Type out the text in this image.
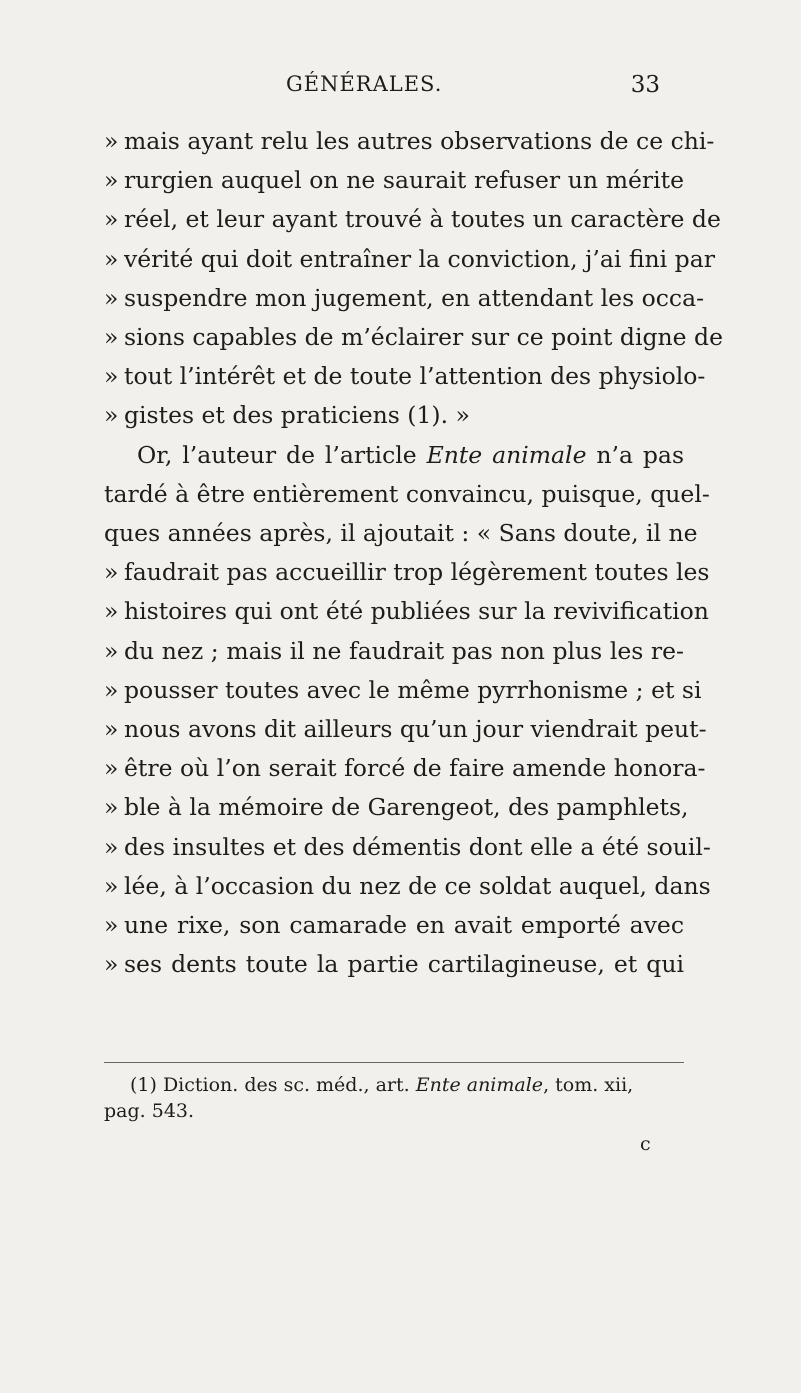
GÉNÉRALES.	33
» mais ayant relu les autres observations de ce chi-
» rurgien auquel on ne saurait refuser un mérite
» réel, et leur ayant trouvé à toutes un caractère de
» vérité qui doit entraîner la conviction, j’ai fini par
» suspendre mon jugement, en attendant les occa-
» sions capables de m’éclairer sur ce point digne de
» tout l’intérêt et de toute l’attention des physiolo-
» gistes et des praticiens (1). »
Or, l’auteur de l’article Ente animale n’a pas
tardé à être entièrement convaincu, puisque, quel-
ques années après, il ajoutait : « Sans doute, il ne
» faudrait pas accueillir trop légèrement toutes les
» histoires qui ont été publiées sur la revivification
» du nez ; mais il ne faudrait pas non plus les re-
» pousser toutes avec le même pyrrhonisme ; et si
» nous avons dit ailleurs qu’un jour viendrait peut-
» être où l’on serait forcé de faire amende honora-
» ble à la mémoire de Garengeot, des pamphlets,
» des insultes et des démentis dont elle a été souil-
» lée, à l’occasion du nez de ce soldat auquel, dans
» une rixe, son camarade en avait emporté avec
» ses dents toute la partie cartilagineuse, et qui
(1) Diction. des sc. méd., art. Ente animale, tom. xii,
pag. 543.
c
